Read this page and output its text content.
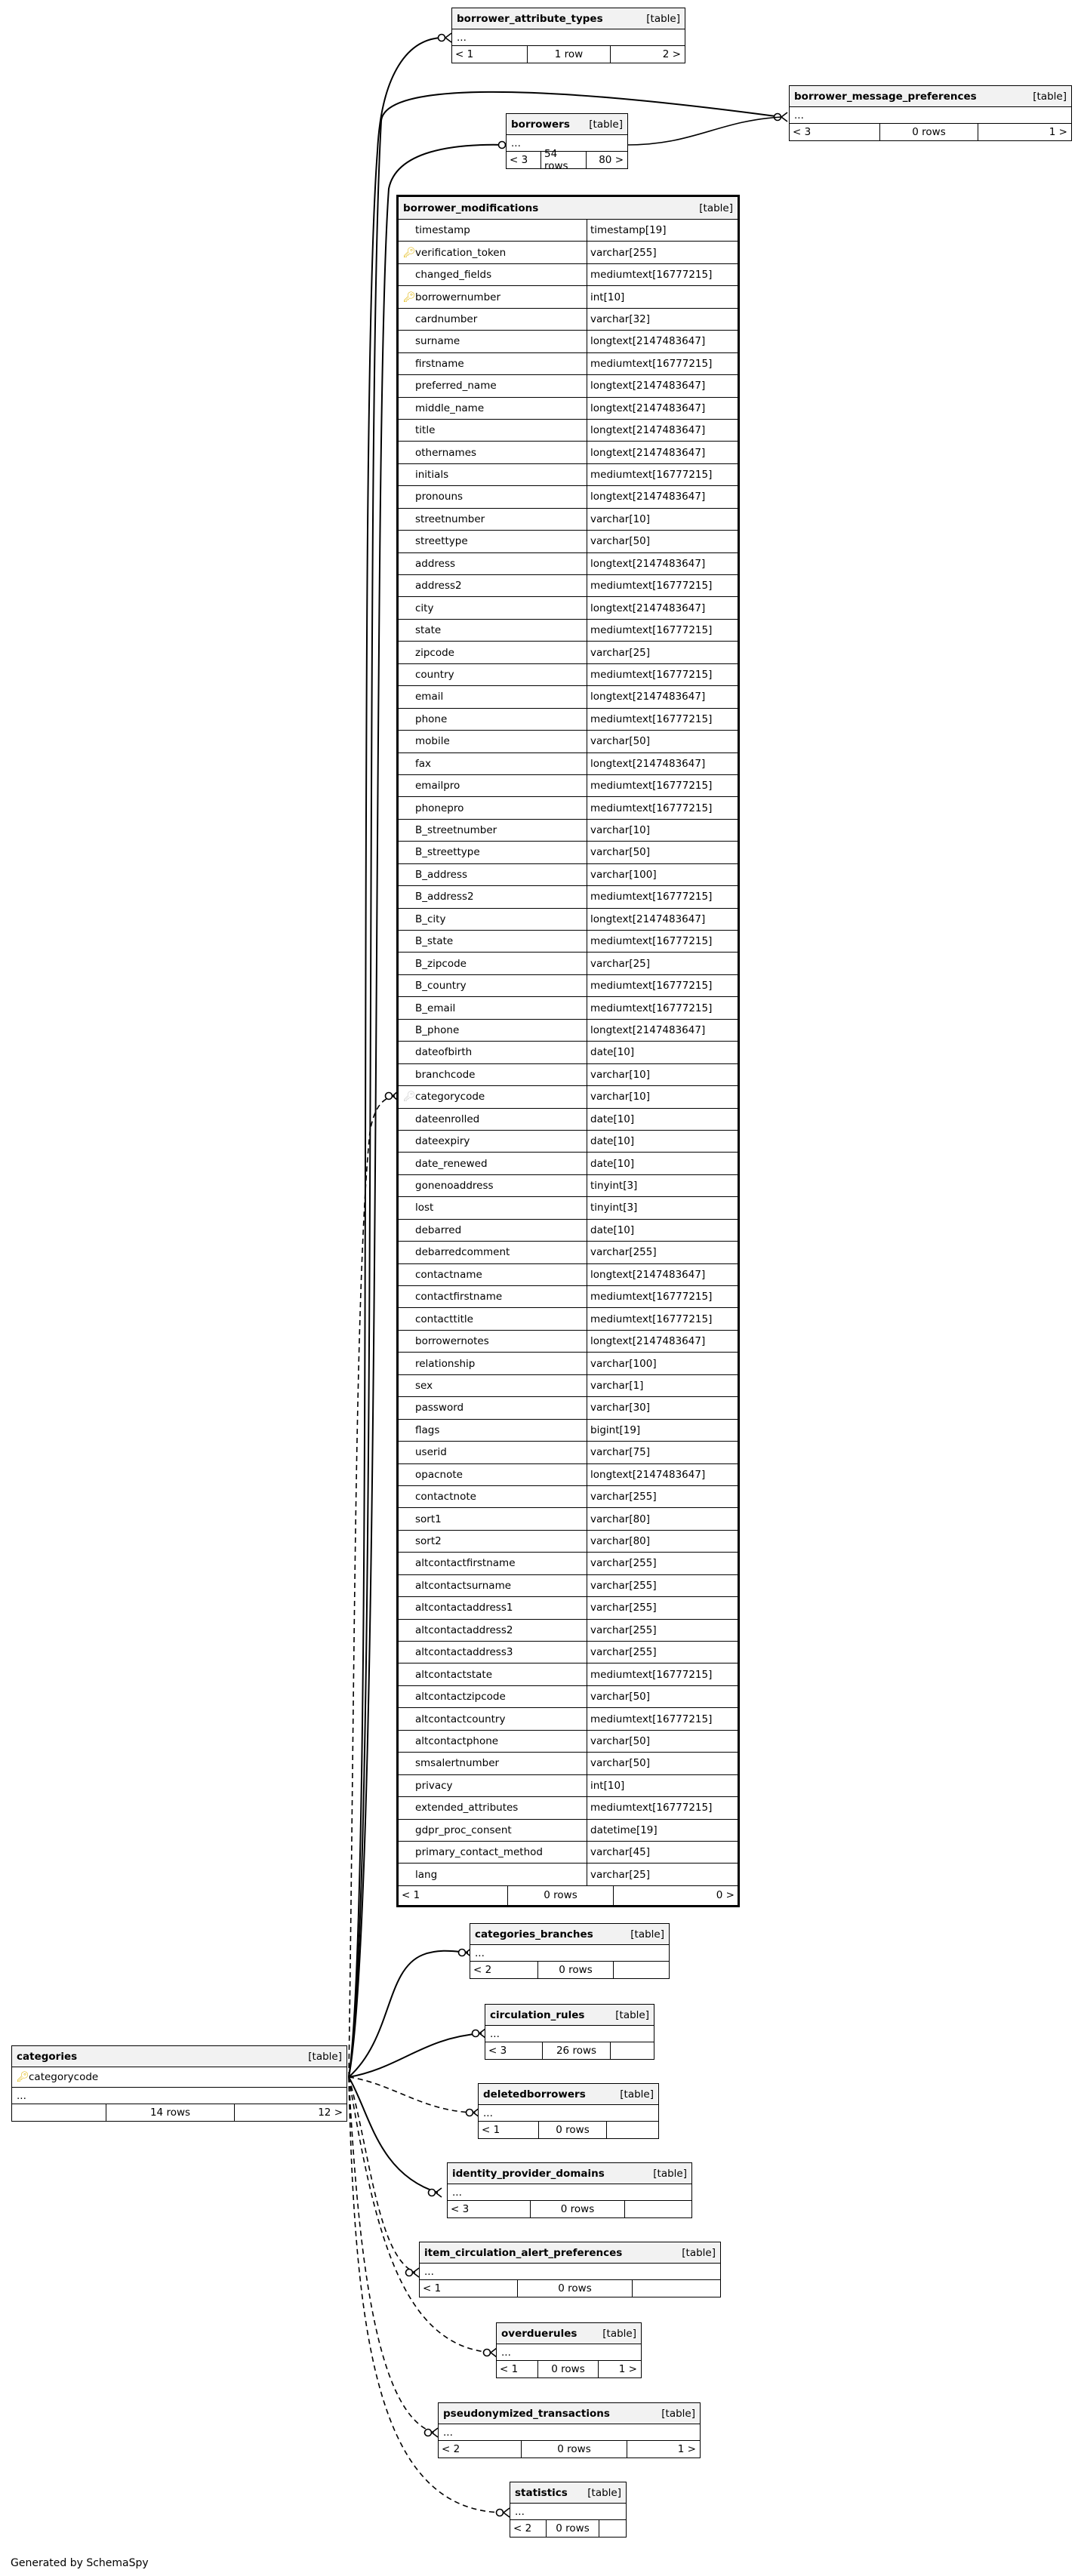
borrower_attribute_types	[table]
...
< 1	1 row	2 >
borrower_message_preferences	[table]
...
< 3	0 rows	1 >
borrowers [table]
...
< 3	54 rows	80 >
borrower_modifications	[table]
timestamp	timestamp[19]
🔑︎ verification_token	varchar[255]
changed_fields	mediumtext[16777215]
🔑︎ borrowernumber	int[10]
cardnumber	varchar[32]
surname	longtext[2147483647]
firstname	mediumtext[16777215]
preferred_name	longtext[2147483647]
middle_name	longtext[2147483647]
title	longtext[2147483647]
othernames	longtext[2147483647]
initials	mediumtext[16777215]
pronouns	longtext[2147483647]
streetnumber	varchar[10]
streettype	varchar[50]
address	longtext[2147483647]
address2	mediumtext[16777215]
city	longtext[2147483647]
state	mediumtext[16777215]
zipcode	varchar[25]
country	mediumtext[16777215]
email	longtext[2147483647]
phone	mediumtext[16777215]
mobile	varchar[50]
fax	longtext[2147483647]
emailpro	mediumtext[16777215]
phonepro	mediumtext[16777215]
B_streetnumber	varchar[10]
B_streettype	varchar[50]
B_address	varchar[100]
B_address2	mediumtext[16777215]
B_city	longtext[2147483647]
B_state	mediumtext[16777215]
B_zipcode	varchar[25]
B_country	mediumtext[16777215]
B_email	mediumtext[16777215]
B_phone	longtext[2147483647]
dateofbirth	date[10]
branchcode	varchar[10]
🔑︎ categorycode	varchar[10]
dateenrolled	date[10]
dateexpiry	date[10]
date_renewed	date[10]
gonenoaddress	tinyint[3]
lost	tinyint[3]
debarred	date[10]
debarredcomment	varchar[255]
contactname	longtext[2147483647]
contactfirstname	mediumtext[16777215]
contacttitle	mediumtext[16777215]
borrowernotes	longtext[2147483647]
relationship	varchar[100]
sex	varchar[1]
password	varchar[30]
flags	bigint[19]
userid	varchar[75]
opacnote	longtext[2147483647]
contactnote	varchar[255]
sort1	varchar[80]
sort2	varchar[80]
altcontactfirstname	varchar[255]
altcontactsurname	varchar[255]
altcontactaddress1	varchar[255]
altcontactaddress2	varchar[255]
altcontactaddress3	varchar[255]
altcontactstate	mediumtext[16777215]
altcontactzipcode	varchar[50]
altcontactcountry	mediumtext[16777215]
altcontactphone	varchar[50]
smsalertnumber	varchar[50]
privacy	int[10]
extended_attributes	mediumtext[16777215]
gdpr_proc_consent	datetime[19]
primary_contact_method	varchar[45]
lang	varchar[25]
< 1	0 rows	0 >
categories	[table]
🔑︎ categorycode
...
14 rows	12 >
categories_branches	[table]
...
< 2	0 rows
circulation_rules	[table]
...
< 3	26 rows
deletedborrowers	[table]
...
< 1	0 rows
identity_provider_domains	[table]
...
< 3	0 rows
item_circulation_alert_preferences	[table]
...
< 1	0 rows
overduerules	[table]
...
< 1	0 rows	1 >
pseudonymized_transactions	[table]
...
< 2	0 rows	1 >
statistics [table]
...
< 2	0 rows
Generated by SchemaSpy
